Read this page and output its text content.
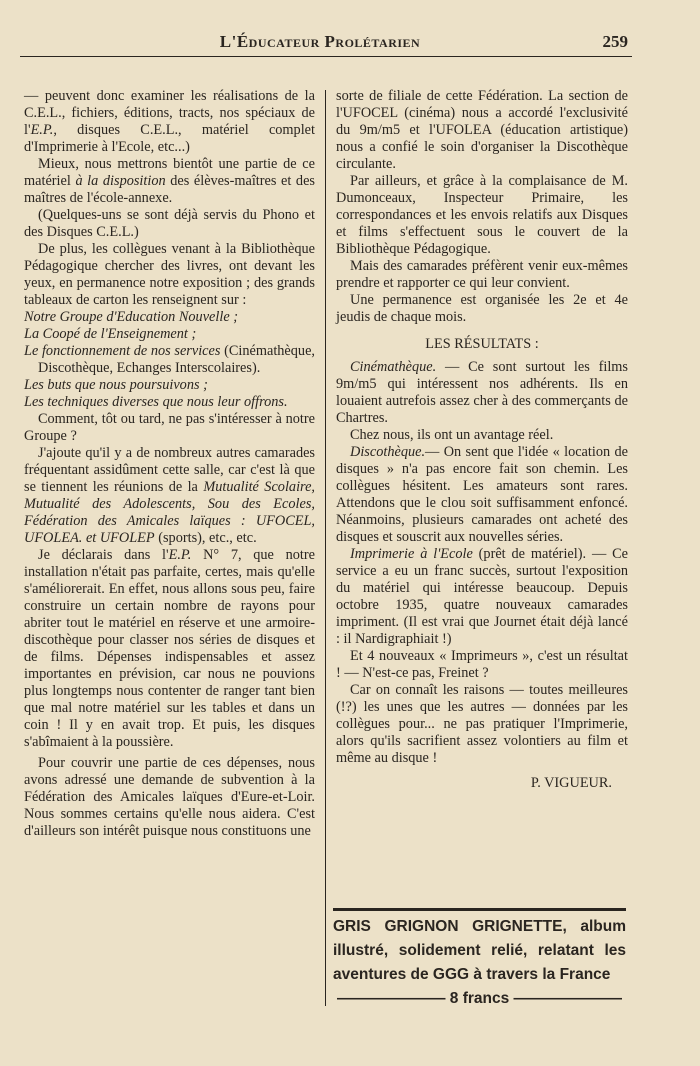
L'Éducateur Prolétarien	259

— peuvent donc examiner les réalisations de la C.E.L., fichiers, éditions, tracts, nos spéciaux de l'E.P., disques C.E.L., matériel complet d'Imprimerie à l'Ecole, etc...)

Mieux, nous mettrons bientôt une partie de ce matériel à la disposition des élèves-maîtres et des maîtres de l'école-annexe.

(Quelques-uns se sont déjà servis du Phono et des Disques C.E.L.)

De plus, les collègues venant à la Bibliothèque Pédagogique chercher des livres, ont devant les yeux, en permanence notre exposition ; des grands tableaux de carton les renseignent sur :

Notre Groupe d'Education Nouvelle ;

La Coopé de l'Enseignement ;

Le fonctionnement de nos services (Cinémathèque, Discothèque, Echanges Interscolaires).

Les buts que nous poursuivons ;

Les techniques diverses que nous leur offrons.

Comment, tôt ou tard, ne pas s'intéresser à notre Groupe ?

J'ajoute qu'il y a de nombreux autres camarades fréquentant assidûment cette salle, car c'est là que se tiennent les réunions de la Mutualité Scolaire, Mutualité des Adolescents, Sou des Ecoles, Fédération des Amicales laïques : UFOCEL, UFOLEA. et UFOLEP (sports), etc., etc.

Je déclarais dans l'E.P. N° 7, que notre installation n'était pas parfaite, certes, mais qu'elle s'améliorerait. En effet, nous allons sous peu, faire construire un certain nombre de rayons pour abriter tout le matériel en réserve et une armoire-discothèque pour classer nos séries de disques et de films. Dépenses indispensables et assez importantes en prévision, car nous ne pouvions plus longtemps nous contenter de ranger tant bien que mal notre matériel sur les tables et dans un coin ! Il y en avait trop. Et puis, les disques s'abîmaient à la poussière.

Pour couvrir une partie de ces dépenses, nous avons adressé une demande de subvention à la Fédération des Amicales laïques d'Eure-et-Loir. Nous sommes certains qu'elle nous aidera. C'est d'ailleurs son intérêt puisque nous constituons une

sorte de filiale de cette Fédération. La section de l'UFOCEL (cinéma) nous a accordé l'exclusivité du 9m/m5 et l'UFOLEA (éducation artistique) nous a confié le soin d'organiser la Discothèque circulante.

Par ailleurs, et grâce à la complaisance de M. Dumonceaux, Inspecteur Primaire, les correspondances et les envois relatifs aux Disques et films s'effectuent sous le couvert de la Bibliothèque Pédagogique.

Mais des camarades préfèrent venir eux-mêmes prendre et rapporter ce qui leur convient.

Une permanence est organisée les 2e et 4e jeudis de chaque mois.

LES RÉSULTATS :

Cinémathèque. — Ce sont surtout les films 9m/m5 qui intéressent nos adhérents. Ils en louaient autrefois assez cher à des commerçants de Chartres.

Chez nous, ils ont un avantage réel.

Discothèque.— On sent que l'idée « location de disques » n'a pas encore fait son chemin. Les collègues hésitent. Les amateurs sont rares. Attendons que le clou soit suffisamment enfoncé. Néanmoins, plusieurs camarades ont acheté des disques et souscrit aux nouvelles séries.

Imprimerie à l'Ecole (prêt de matériel). — Ce service a eu un franc succès, surtout l'exposition du matériel qui intéresse beaucoup. Depuis octobre 1935, quatre nouveaux camarades impriment. (Il est vrai que Journet était déjà lancé : il Nardigraphiait !)

Et 4 nouveaux « Imprimeurs », c'est un résultat ! — N'est-ce pas, Freinet ?

Car on connaît les raisons — toutes meilleures (!?) les unes que les autres — données par les collègues pour... ne pas pratiquer l'Imprimerie, alors qu'ils sacrifient assez volontiers au film et même au disque !

P. VIGUEUR.

GRIS GRIGNON GRIGNETTE, album illustré, solidement relié, relatant les aventures de GGG à travers la France

——————— 8 francs ———————
